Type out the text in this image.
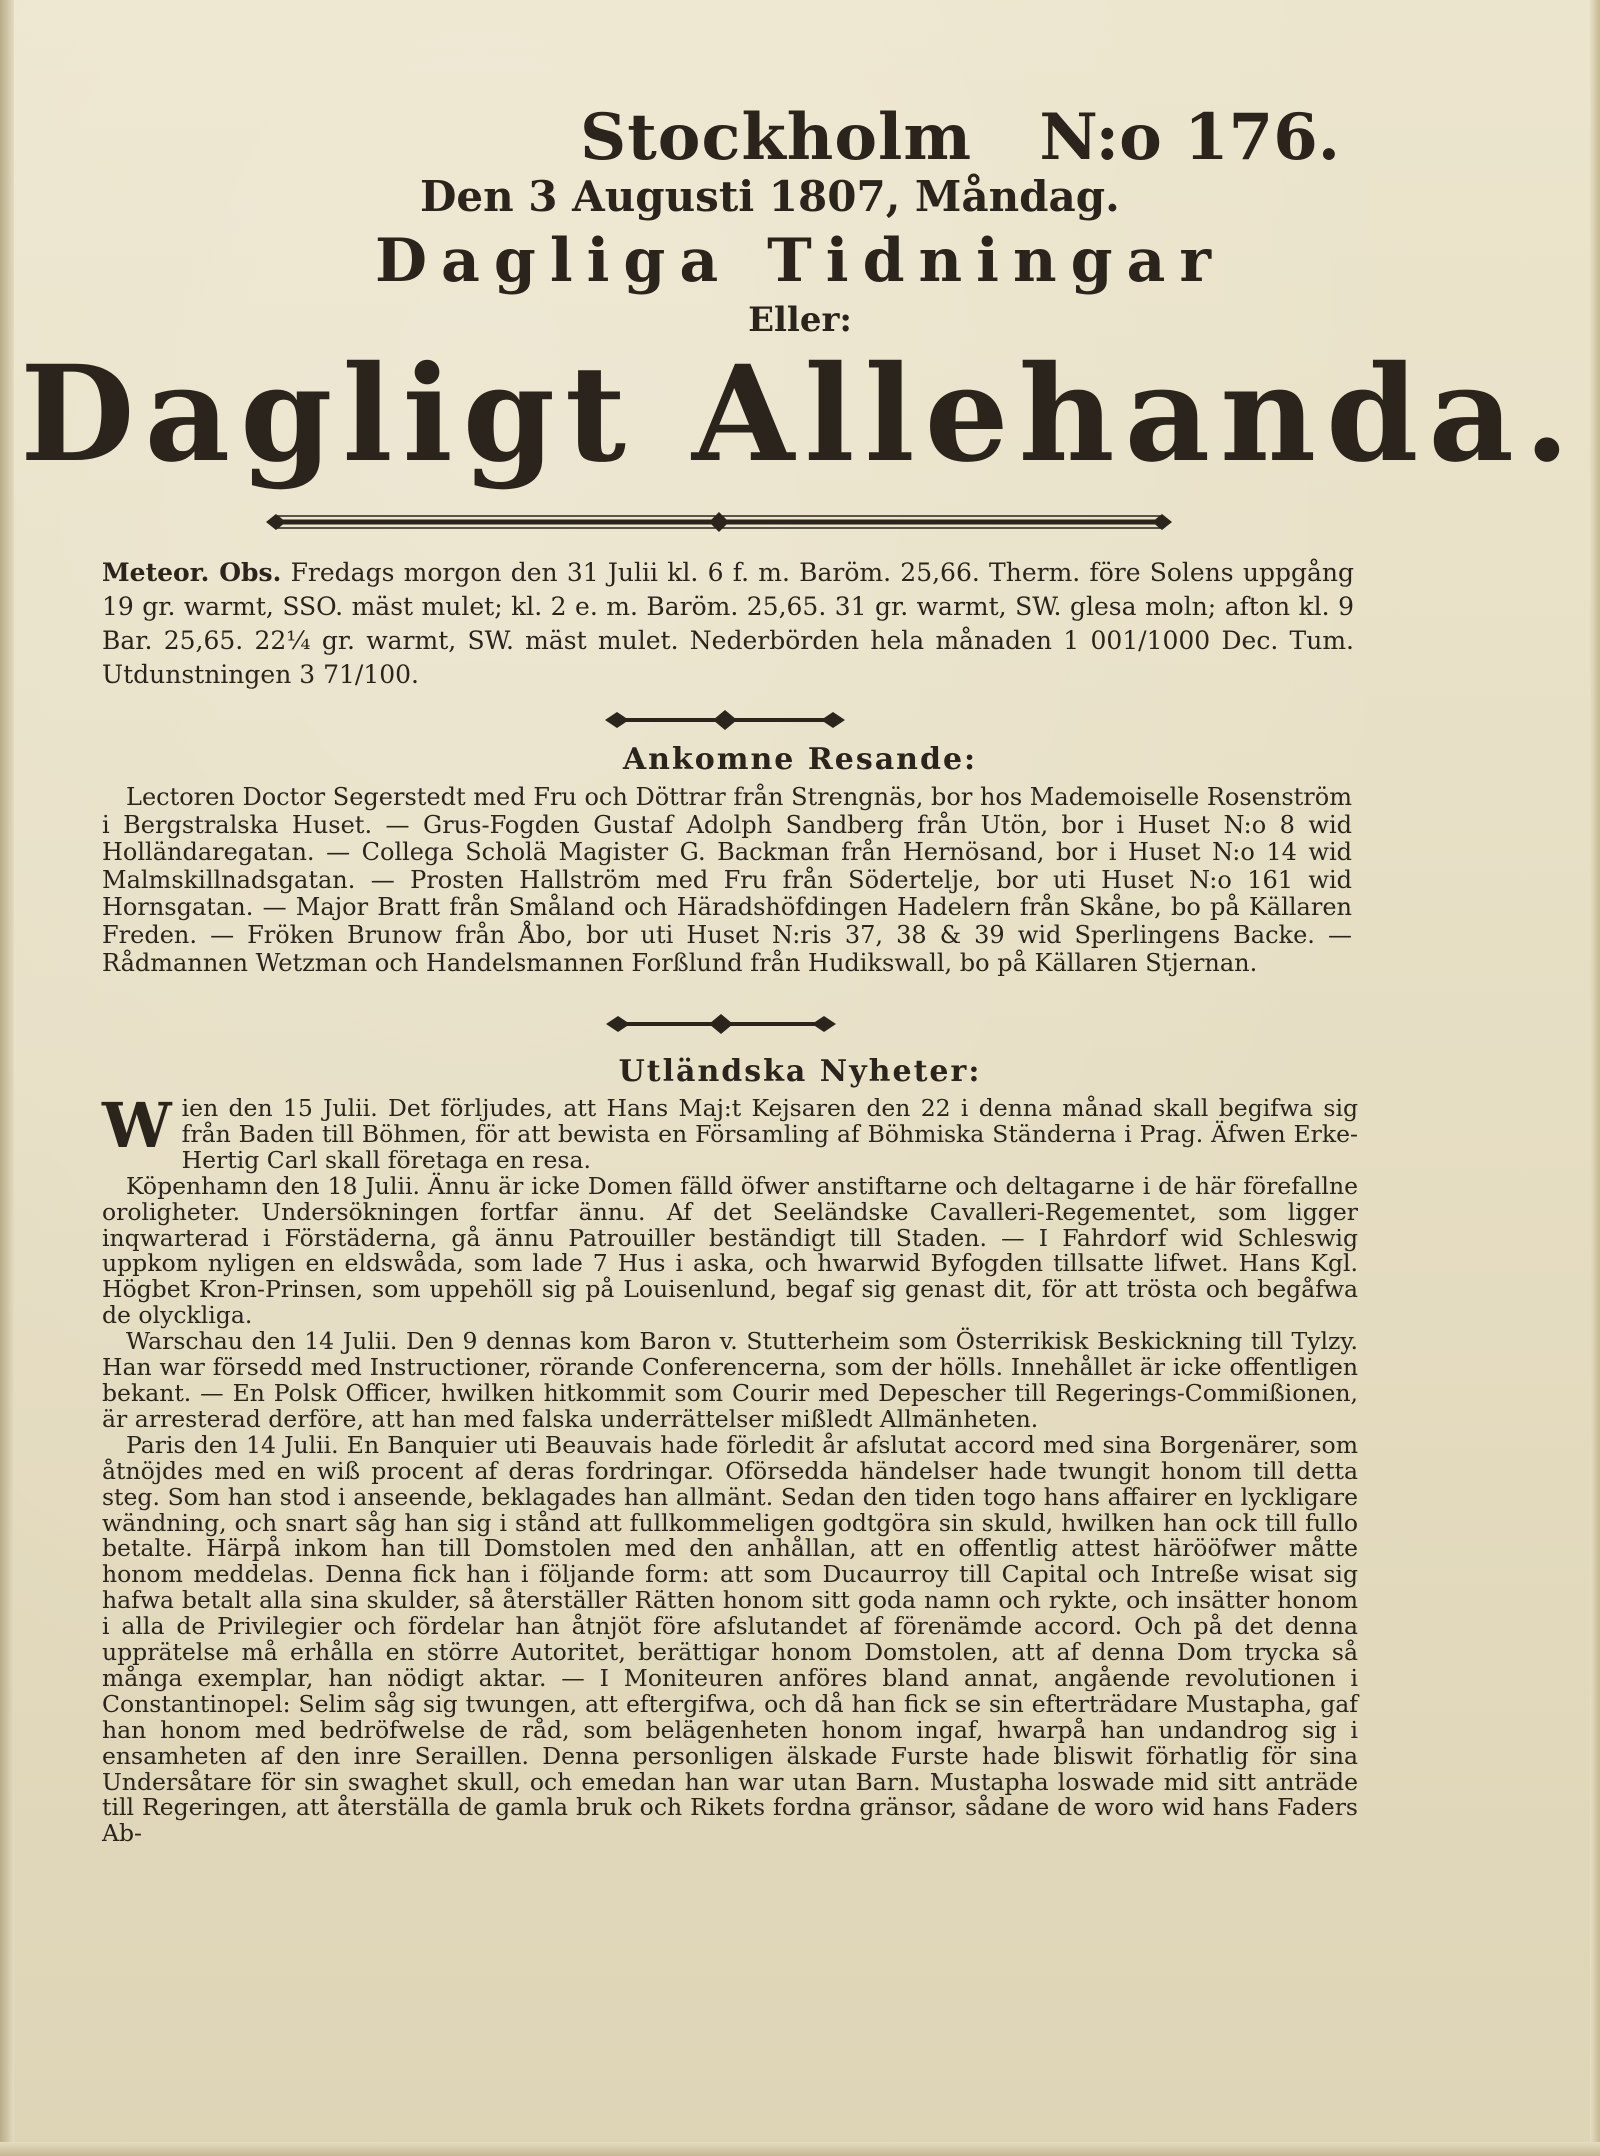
Stockholm N:o 176.
Den 3 Augusti 1807, Måndag.
Dagliga Tidningar
Eller:
Dagligt Allehanda.
Meteor. Obs. Fredags morgon den 31 Julii kl. 6 f. m. Baröm. 25,66. Therm. före Solens uppgång 19 gr. warmt, SSO. mäst mulet; kl. 2 e. m. Baröm. 25,65. 31 gr. warmt, SW. glesa moln; afton kl. 9 Bar. 25,65. 22¼ gr. warmt, SW. mäst mulet. Nederbörden hela månaden 1 001/1000 Dec. Tum. Utdunstningen 3 71/100.
Ankomne Resande:
Lectoren Doctor Segerstedt med Fru och Döttrar från Strengnäs, bor hos Mademoiselle Rosenström i Bergstralska Huset. — Grus-Fogden Gustaf Adolph Sandberg från Utön, bor i Huset N:o 8 wid Holländaregatan. — Collega Scholä Magister G. Backman från Hernösand, bor i Huset N:o 14 wid Malmskillnadsgatan. — Prosten Hallström med Fru från Södertelje, bor uti Huset N:o 161 wid Hornsgatan. — Major Bratt från Småland och Häradshöfdingen Hadelern från Skåne, bo på Källaren Freden. — Fröken Brunow från Åbo, bor uti Huset N:ris 37, 38 & 39 wid Sperlingens Backe. — Rådmannen Wetzman och Handelsmannen Forßlund från Hudikswall, bo på Källaren Stjernan.
Utländska Nyheter:

Wien den 15 Julii. Det förljudes, att Hans Maj:t Kejsaren den 22 i denna månad skall begifwa sig från Baden till Böhmen, för att bewista en Församling af Böhmiska Ständerna i Prag. Äfwen Erke-Hertig Carl skall företaga en resa.

Köpenhamn den 18 Julii. Ännu är icke Domen fälld öfwer anstiftarne och deltagarne i de här förefallne oroligheter. Undersökningen fortfar ännu. Af det Seeländske Cavalleri-Regementet, som ligger inqwarterad i Förstäderna, gå ännu Patrouiller beständigt till Staden. — I Fahrdorf wid Schleswig uppkom nyligen en eldswåda, som lade 7 Hus i aska, och hwarwid Byfogden tillsatte lifwet. Hans Kgl. Högbet Kron-Prinsen, som uppehöll sig på Louisenlund, begaf sig genast dit, för att trösta och begåfwa de olyckliga.

Warschau den 14 Julii. Den 9 dennas kom Baron v. Stutterheim som Österrikisk Beskickning till Tylzy. Han war försedd med Instructioner, rörande Conferencerna, som der hölls. Innehållet är icke offentligen bekant. — En Polsk Officer, hwilken hitkommit som Courir med Depescher till Regerings-Commißionen, är arresterad derföre, att han med falska underrättelser mißledt Allmänheten.

Paris den 14 Julii. En Banquier uti Beauvais hade förledit år afslutat accord med sina Borgenärer, som åtnöjdes med en wiß procent af deras fordringar. Oförseddа händelser hade twungit honom till detta steg. Som han stod i anseende, beklagades han allmänt. Sedan den tiden togo hans affairer en lyckligare wändning, och snart såg han sig i stånd att fullkommeligen godtgöra sin skuld, hwilken han ock till fullo betalte. Härpå inkom han till Domstolen med den anhållan, att en offentlig attest härööfwer måtte honom meddelas. Denna fick han i följande form: att som Ducaurroy till Capital och Intreße wisat sig hafwa betalt alla sina skulder, så återställer Rätten honom sitt goda namn och rykte, och insätter honom i alla de Privilegier och fördelar han åtnjöt före afslutandet af förenämde accord. Och på det denna upprätelse må erhålla en större Autoritet, berättigar honom Domstolen, att af denna Dom trycka så många exemplar, han nödigt aktar. — I Moniteuren anföres bland annat, angående revolutionen i Constantinopel: Selim såg sig twungen, att eftergifwa, och då han fick se sin efterträdare Mustapha, gaf han honom med bedröfwelse de råd, som belägenheten honom ingaf, hwarpå han undandrog sig i ensamheten af den inre Seraillen. Denna personligen älskade Furste hade bliswit förhatlig för sina Undersåtare för sin swaghet skull, och emedan han war utan Barn. Mustapha loswade mid sitt anträde till Regeringen, att återställa de gamla bruk och Rikets fordna gränsor, sådane de woro wid hans Faders Ab-
